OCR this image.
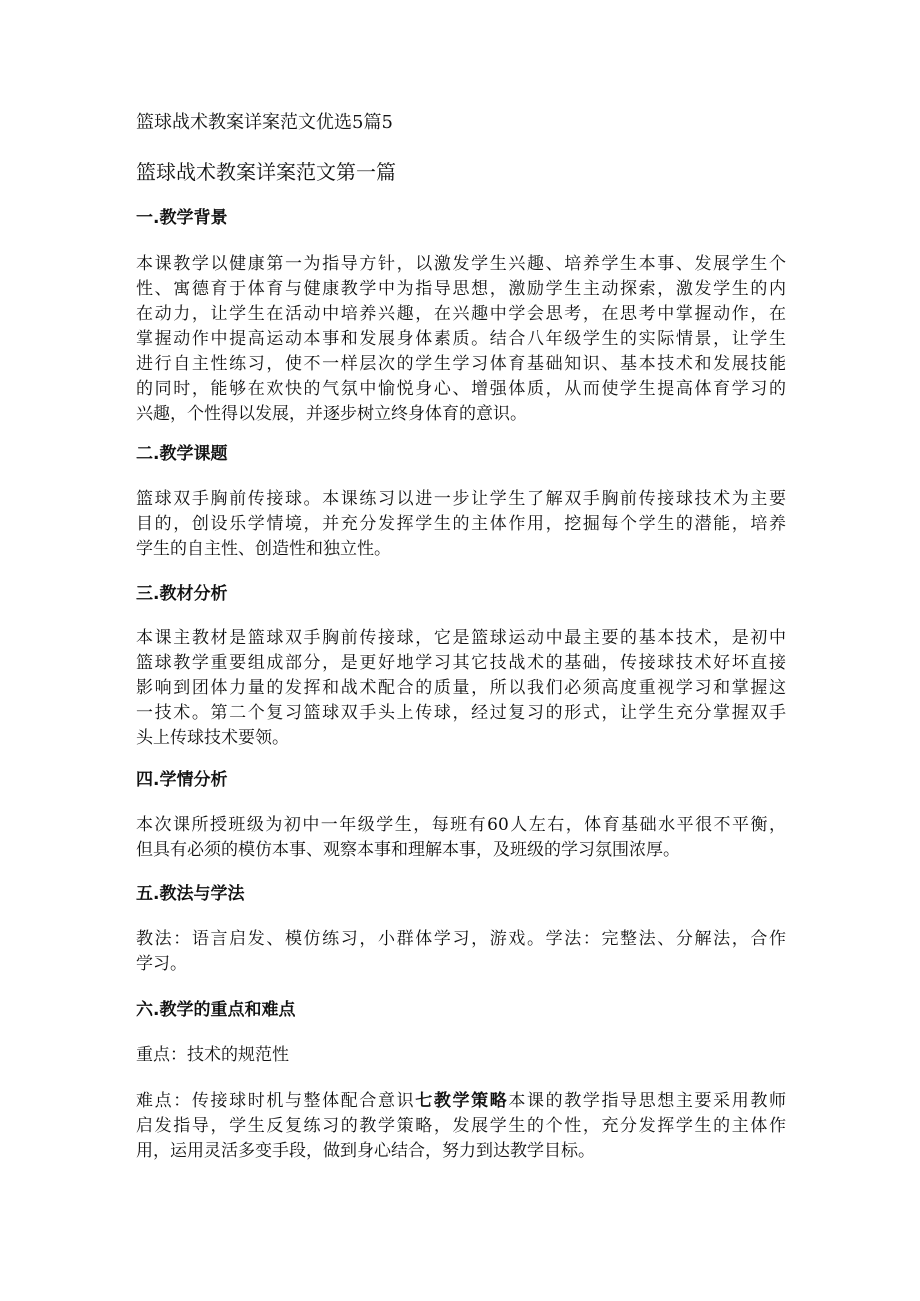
篮球战术教案详案范文优选5篇5
篮球战术教案详案范文第一篇
一.教学背景
本课教学以健康第一为指导方针，以激发学生兴趣、培养学生本事、发展学生个
性、寓德育于体育与健康教学中为指导思想，激励学生主动探索，激发学生的内
在动力，让学生在活动中培养兴趣，在兴趣中学会思考，在思考中掌握动作，在
掌握动作中提高运动本事和发展身体素质。结合八年级学生的实际情景，让学生
进行自主性练习，使不一样层次的学生学习体育基础知识、基本技术和发展技能
的同时，能够在欢快的气氛中愉悦身心、增强体质，从而使学生提高体育学习的
兴趣，个性得以发展，并逐步树立终身体育的意识。
二.教学课题
篮球双手胸前传接球。本课练习以进一步让学生了解双手胸前传接球技术为主要
目的，创设乐学情境，并充分发挥学生的主体作用，挖掘每个学生的潜能，培养
学生的自主性、创造性和独立性。
三.教材分析
本课主教材是篮球双手胸前传接球，它是篮球运动中最主要的基本技术，是初中
篮球教学重要组成部分，是更好地学习其它技战术的基础，传接球技术好坏直接
影响到团体力量的发挥和战术配合的质量，所以我们必须高度重视学习和掌握这
一技术。第二个复习篮球双手头上传球，经过复习的形式，让学生充分掌握双手
头上传球技术要领。
四.学情分析
本次课所授班级为初中一年级学生，每班有60人左右，体育基础水平很不平衡，
但具有必须的模仿本事、观察本事和理解本事，及班级的学习氛围浓厚。
五.教法与学法
教法：语言启发、模仿练习，小群体学习，游戏。学法：完整法、分解法，合作
学习。
六.教学的重点和难点
重点：技术的规范性
难点：传接球时机与整体配合意识七教学策略本课的教学指导思想主要采用教师
启发指导，学生反复练习的教学策略，发展学生的个性，充分发挥学生的主体作
用，运用灵活多变手段，做到身心结合，努力到达教学目标。
